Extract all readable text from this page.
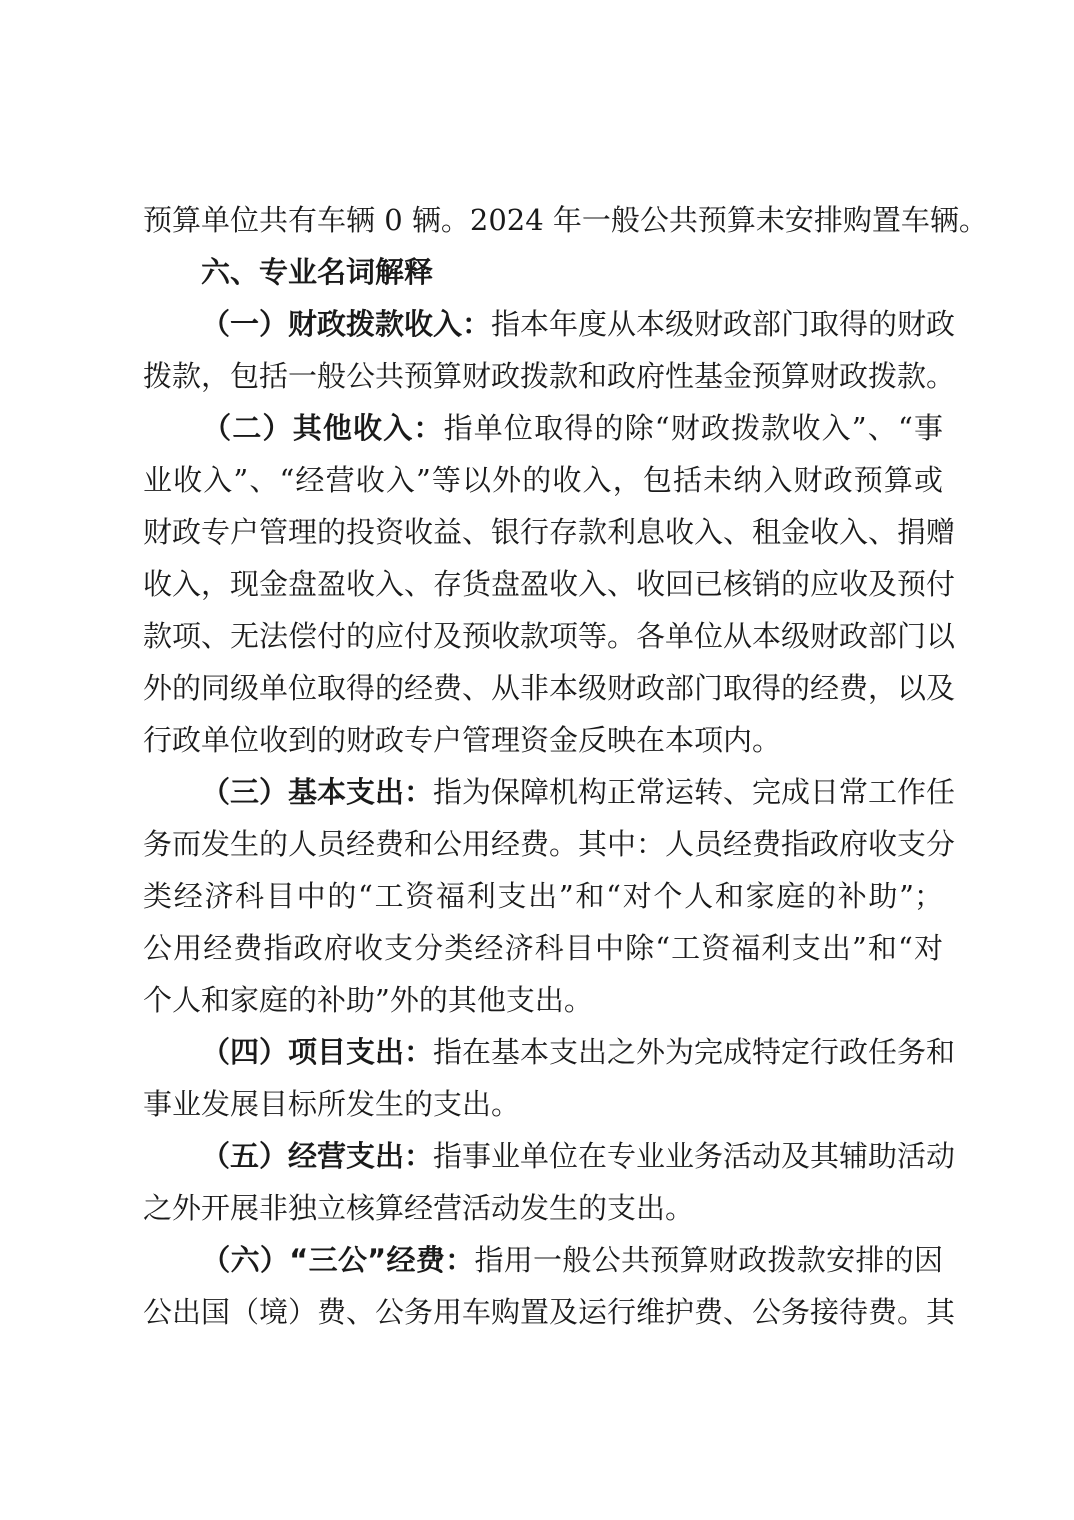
预算单位共有车辆 0 辆。2024 年一般公共预算未安排购置车辆。
六、专业名词解释
（一）财政拨款收入：指本年度从本级财政部门取得的财政
拨款，包括一般公共预算财政拨款和政府性基金预算财政拨款。
（二）其他收入：指单位取得的除“财政拨款收入”、“事
业收入”、“经营收入”等以外的收入，包括未纳入财政预算或
财政专户管理的投资收益、银行存款利息收入、租金收入、捐赠
收入，现金盘盈收入、存货盘盈收入、收回已核销的应收及预付
款项、无法偿付的应付及预收款项等。各单位从本级财政部门以
外的同级单位取得的经费、从非本级财政部门取得的经费，以及
行政单位收到的财政专户管理资金反映在本项内。
（三）基本支出：指为保障机构正常运转、完成日常工作任
务而发生的人员经费和公用经费。其中：人员经费指政府收支分
类经济科目中的“工资福利支出”和“对个人和家庭的补助”；
公用经费指政府收支分类经济科目中除“工资福利支出”和“对
个人和家庭的补助”外的其他支出。
（四）项目支出：指在基本支出之外为完成特定行政任务和
事业发展目标所发生的支出。
（五）经营支出：指事业单位在专业业务活动及其辅助活动
之外开展非独立核算经营活动发生的支出。
（六）“三公”经费：指用一般公共预算财政拨款安排的因
公出国（境）费、公务用车购置及运行维护费、公务接待费。其
